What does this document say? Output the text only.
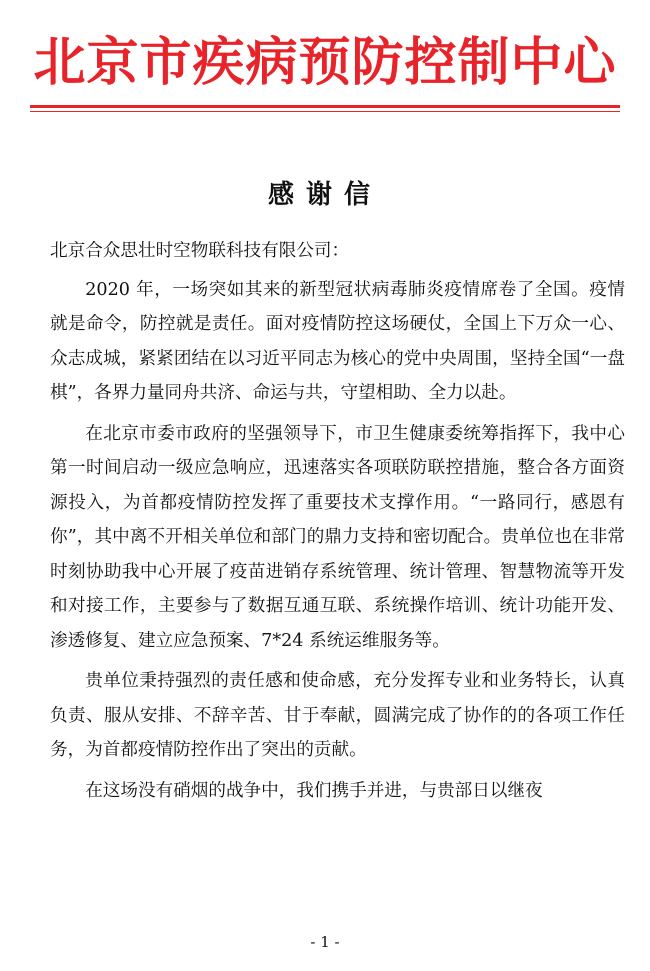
北京市疾病预防控制中心
感谢信

北京合众思壮时空物联科技有限公司：

2020 年，一场突如其来的新型冠状病毒肺炎疫情席卷了全国。疫情就是命令，防控就是责任。面对疫情防控这场硬仗，全国上下万众一心、众志成城，紧紧团结在以习近平同志为核心的党中央周围，坚持全国“一盘棋”，各界力量同舟共济、命运与共，守望相助、全力以赴。

在北京市委市政府的坚强领导下，市卫生健康委统筹指挥下，我中心第一时间启动一级应急响应，迅速落实各项联防联控措施，整合各方面资源投入，为首都疫情防控发挥了重要技术支撑作用。“一路同行，感恩有你”，其中离不开相关单位和部门的鼎力支持和密切配合。贵单位也在非常时刻协助我中心开展了疫苗进销存系统管理、统计管理、智慧物流等开发和对接工作，主要参与了数据互通互联、系统操作培训、统计功能开发、渗透修复、建立应急预案、7*24 系统运维服务等。

贵单位秉持强烈的责任感和使命感，充分发挥专业和业务特长，认真负责、服从安排、不辞辛苦、甘于奉献，圆满完成了协作的的各项工作任务，为首都疫情防控作出了突出的贡献。

在这场没有硝烟的战争中，我们携手并进，与贵部日以继夜

- 1 -
